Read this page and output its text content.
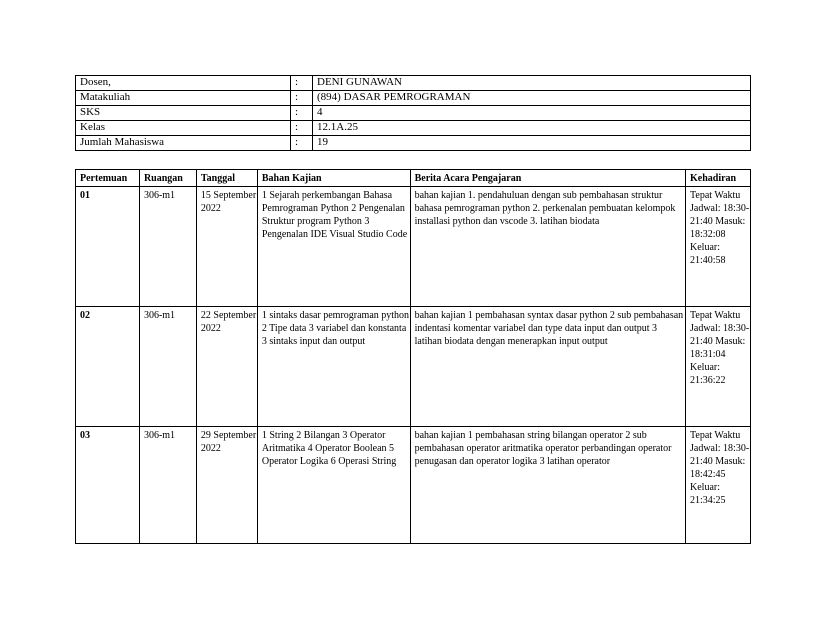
Dosen,	:	DENI GUNAWAN
Matakuliah	:	(894) DASAR PEMROGRAMAN
SKS	:	4
Kelas	:	12.1A.25
Jumlah Mahasiswa	:	19
Pertemuan	Ruangan	Tanggal	Bahan Kajian	Berita Acara Pengajaran	Kehadiran
01	306-m1	15 September 2022	1 Sejarah perkembangan Bahasa Pemrograman Python 2 Pengenalan Struktur program Python 3 Pengenalan IDE Visual Studio Code	bahan kajian 1. pendahuluan dengan sub pembahasan struktur bahasa pemrograman python 2. perkenalan pembuatan kelompok installasi python dan vscode 3. latihan biodata	Tepat Waktu Jadwal: 18:30-21:40 Masuk: 18:32:08 Keluar: 21:40:58
02	306-m1	22 September 2022	1 sintaks dasar pemrograman python 2 Tipe data 3 variabel dan konstanta 3 sintaks input dan output	bahan kajian 1 pembahasan syntax dasar python 2 sub pembahasan indentasi komentar variabel dan type data input dan output 3 latihan biodata dengan menerapkan input output	Tepat Waktu Jadwal: 18:30-21:40 Masuk: 18:31:04 Keluar: 21:36:22
03	306-m1	29 September 2022	1 String 2 Bilangan 3 Operator Aritmatika 4 Operator Boolean 5 Operator Logika 6 Operasi String	bahan kajian 1 pembahasan string bilangan operator 2 sub pembahasan operator aritmatika operator perbandingan operator penugasan dan operator logika 3 latihan operator	Tepat Waktu Jadwal: 18:30-21:40 Masuk: 18:42:45 Keluar: 21:34:25
